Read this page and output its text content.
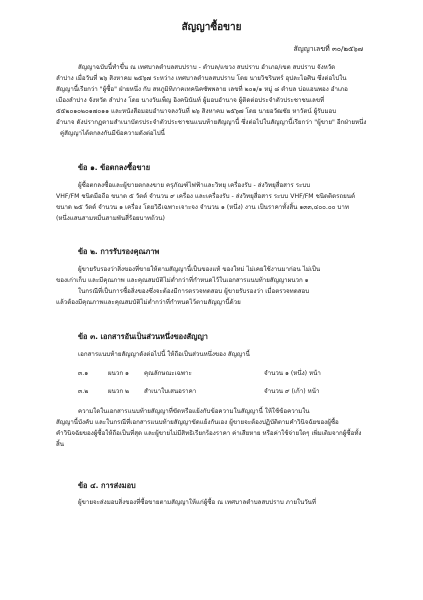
สัญญาซื้อขาย
สัญญาเลขที่ ๓๐/๒๕๖๗

สัญญาฉบับนี้ทำขึ้น ณ เทศบาลตำบลสบปราบ - ตำบล/แขวง สบปราบ อำเภอ/เขต สบปราบ จังหวัด

ลำปาง เมื่อวันที่ ๒๖ สิงหาคม ๒๕๖๗ ระหว่าง เทศบาลตำบลสบปราบ โดย นายวิชรินทร์ อุปละไอศิน ซึ่งต่อไปใน

สัญญานี้เรียกว่า "ผู้ซื้อ" ฝ่ายหนึ่ง กับ สหภูมิทิภาคเทคนิคซัพพลาย เลขที่ ๒๐๑/๑ หมู่ ๘ ตำบล บ่อแฮนพอง อำเภอ

เมืองลำปาง จังหวัด ลำปาง โดย นางวันเพ็ญ อิงคนินันท์ ผู้มอบอำนาจ ผู้ติดต่อประจำตัวประชาชนเลขที่

๕๕๒๐๑๐๒๐๑๗๐๑๑ และหนังสือมอบอำนาจลงวันที่ ๒๖ สิงหาคม ๒๕๖๗ โดย นายอวัฒชัย หาวัตน์ ผู้รับมอบ

อำนาจ ดังปรากฏตามสำเนาบัตรประจำตัวประชาชนแนบท้ายสัญญานี้ ซึ่งต่อไปในสัญญานี้เรียกว่า "ผู้ขาย" อีกฝ่ายหนึ่ง

คู่สัญญาได้ตกลงกันมีข้อความดังต่อไปนี้

ข้อ ๑. ข้อตกลงซื้อขาย

ผู้ซื้อตกลงซื้อและผู้ขายตกลงขาย ครุภัณฑ์ไฟฟ้าและวิทยุ เครื่องรับ - ส่งวิทยุสื่อสาร ระบบ

VHF/FM ชนิดมือถือ ขนาด ๕ วัตต์ จำนวน ๙ เครื่อง และเครื่องรับ - ส่งวิทยุสื่อสาร ระบบ VHF/FM ชนิดติดรถยนต์

ขนาด ๒๕ วัตต์ จำนวน ๑ เครื่อง โดยวิธีเฉพาะเจาะจง จำนวน ๑ (หนึ่ง) งาน เป็นราคาทั้งสิ้น ๑๓๓,๔๐๐.๐๐ บาท

(หนึ่งแสนสามหมื่นสามพันสี่ร้อยบาทถ้วน)

ข้อ ๒. การรับรองคุณภาพ

ผู้ขายรับรองว่าสิ่งของที่ขายให้ตามสัญญานี้เป็นของแท้ ของใหม่ ไม่เคยใช้งานมาก่อน ไม่เป็น

ของเก่าเก็บ และมีคุณภาพ และคุณสมบัติไม่ต่ำกว่าที่กำหนดไว้ในเอกสารแนบท้ายสัญญาผนวก ๑

ในกรณีที่เป็นการซื้อสิ่งของซึ่งจะต้องมีการตรวจทดสอบ ผู้ขายรับรองว่า เมื่อตรวจทดสอบ

แล้วต้องมีคุณภาพและคุณสมบัติไม่ต่ำกว่าที่กำหนดไว้ตามสัญญานี้ด้วย

ข้อ ๓. เอกสารอันเป็นส่วนหนึ่งของสัญญา

เอกสารแนบท้ายสัญญาดังต่อไปนี้ ให้ถือเป็นส่วนหนึ่งของ สัญญานี้

๓.๑	ผนวก ๑ คุณลักษณะเฉพาะ	จำนวน ๑ (หนึ่ง) หน้า
๓.๒	ผนวก ๒ สำเนาใบเสนอราคา	จำนวน ๙ (เก้า) หน้า

ความใดในเอกสารแนบท้ายสัญญาที่ขัดหรือแย้งกับข้อความในสัญญานี้ ให้ใช้ข้อความใน

สัญญานี้บังคับ และในกรณีที่เอกสารแนบท้ายสัญญาขัดแย้งกันเอง ผู้ขายจะต้องปฏิบัติตามคำวินิจฉัยของผู้ซื้อ

คำวินิจฉัยของผู้ซื้อให้ถือเป็นที่สุด และผู้ขายไม่มีสิทธิเรียกร้องราคา ค่าเสียหาย หรือค่าใช้จ่ายใดๆ เพิ่มเติมจากผู้ซื้อทั้ง

สิ้น

ข้อ ๔. การส่งมอบ

ผู้ขายจะส่งมอบสิ่งของที่ซื้อขายตามสัญญาให้แก่ผู้ซื้อ ณ เทศบาลตำบลสบปราบ ภายในวันที่
